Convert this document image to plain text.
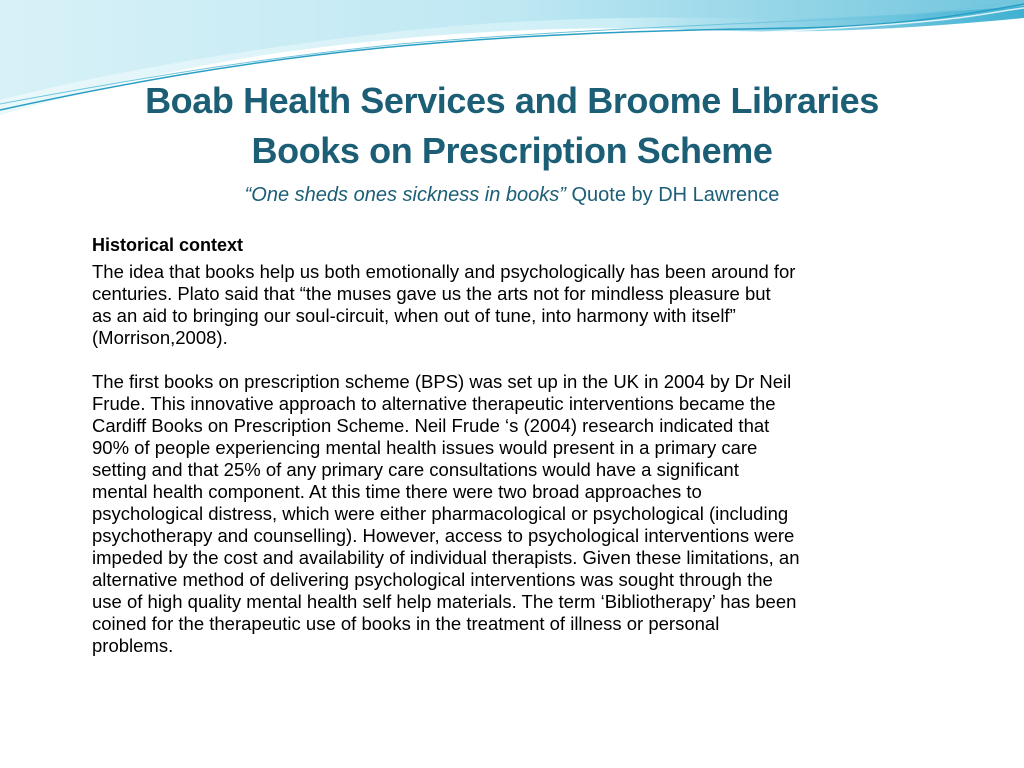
Boab Health Services and Broome Libraries
Books on Prescription Scheme
“One sheds ones sickness in books” Quote by DH Lawrence
Historical context
The idea that books help us both emotionally and psychologically has been around for
centuries. Plato said that “the muses gave us the arts not for mindless pleasure but
as an aid to bringing our soul-circuit, when out of tune, into harmony with itself”
(Morrison,2008).
The first books on prescription scheme (BPS) was set up in the UK in 2004 by Dr Neil
Frude. This innovative approach to alternative therapeutic interventions became the
Cardiff Books on Prescription Scheme. Neil Frude ‘s (2004) research indicated that
90% of people experiencing mental health issues would present in a primary care
setting and that 25% of any primary care consultations would have a significant
mental health component. At this time there were two broad approaches to
psychological distress, which were either pharmacological or psychological (including
psychotherapy and counselling). However, access to psychological interventions were
impeded by the cost and availability of individual therapists. Given these limitations, an
alternative method of delivering psychological interventions was sought through the
use of high quality mental health self help materials. The term ‘Bibliotherapy’ has been
coined for the therapeutic use of books in the treatment of illness or personal
problems.
